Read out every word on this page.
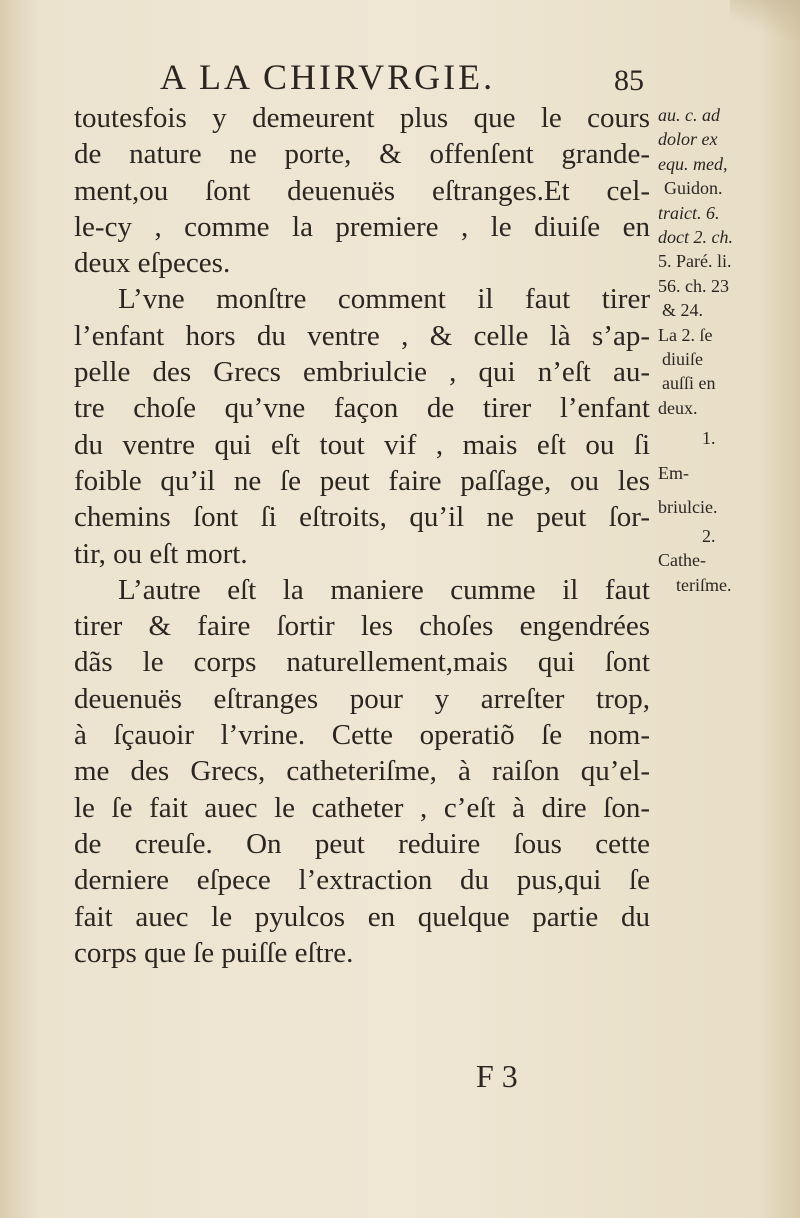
A LA CHIRVRGIE.	85
toutesfois y demeurent plus que le cours
de nature ne porte, & offenſent grande-
ment,ou ſont deuenuës eſtranges.Et cel-
le-cy , comme la premiere , le diuiſe en
deux eſpeces.
L’vne monſtre comment il faut tirer
l’enfant hors du ventre , & celle là s’ap-
pelle des Grecs embriulcie , qui n’eſt au-
tre choſe qu’vne façon de tirer l’enfant
du ventre qui eſt tout vif , mais eſt ou ſi
foible qu’il ne ſe peut faire paſſage, ou les
chemins ſont ſi eſtroits, qu’il ne peut ſor-
tir, ou eſt mort.
L’autre eſt la maniere cumme il faut
tirer & faire ſortir les choſes engendrées
dãs le corps naturellement,mais qui ſont
deuenuës eſtranges pour y arreſter trop,
à ſçauoir l’vrine. Cette operatiõ ſe nom-
me des Grecs, catheteriſme, à raiſon qu’el-
le ſe fait auec le catheter , c’eſt à dire ſon-
de creuſe. On peut reduire ſous cette
derniere eſpece l’extraction du pus,qui ſe
fait auec le pyulcos en quelque partie du
corps que ſe puiſſe eſtre.
au. c. ad
dolor ex
equ. med,
Guidon.
traict. 6.
doct 2. ch.
5. Paré. li.
56. ch. 23
& 24.
La 2. ſe
diuiſe
auſſi en
deux.
1.
Em-
briulcie.
2.
Cathe-
teriſme.
F 3
